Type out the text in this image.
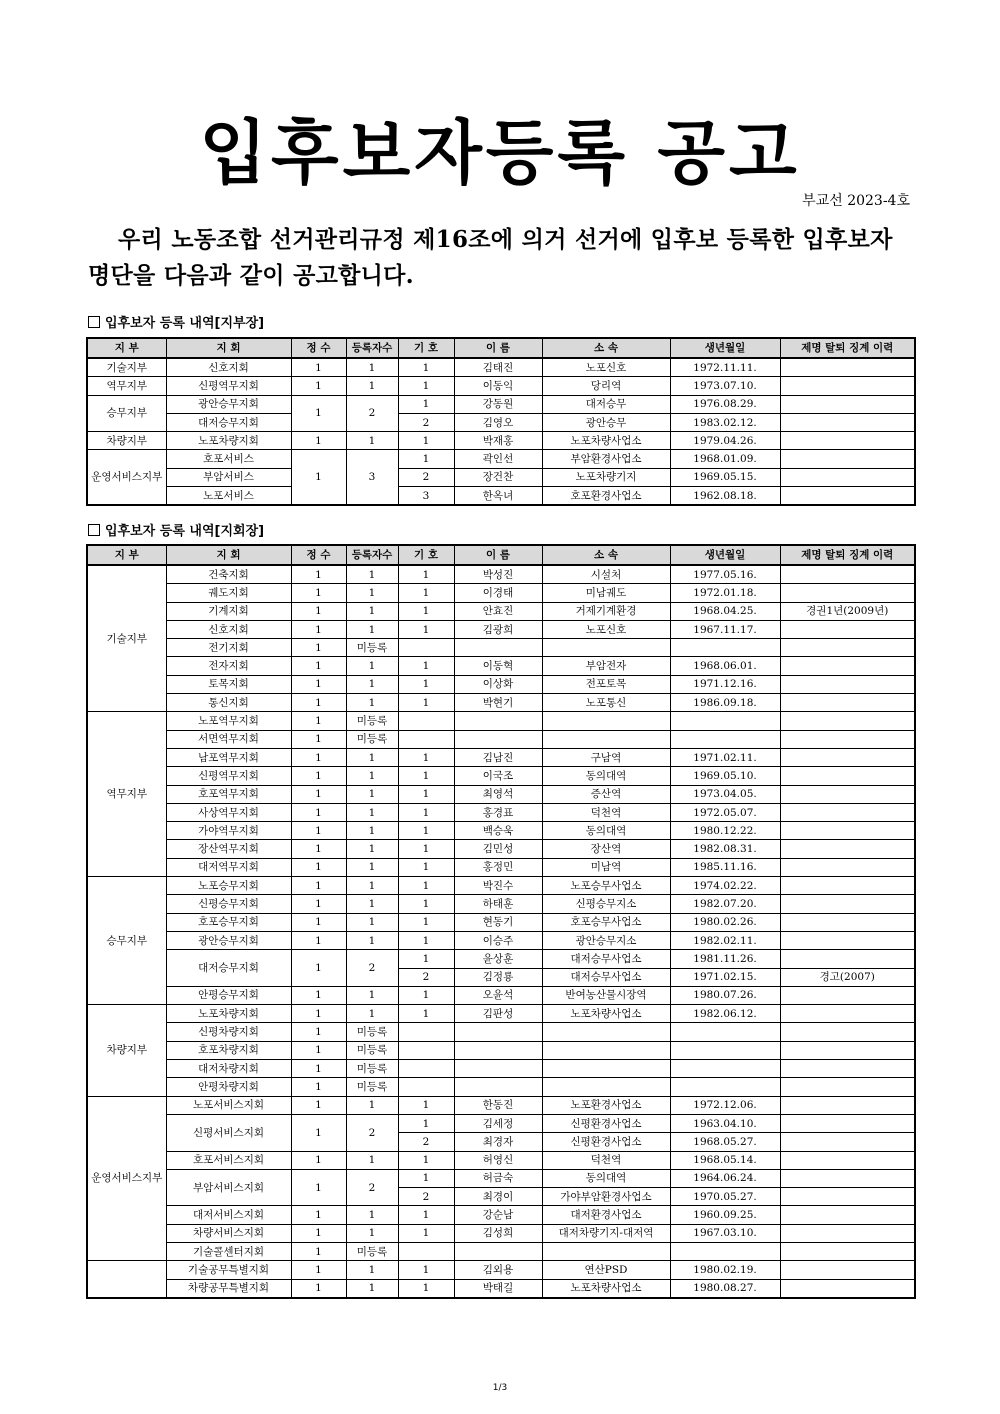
입후보자등록 공고
부교선 2023-4호
우리 노동조합 선거관리규정 제16조에 의거 선거에 입후보 등록한 입후보자 명단을 다음과 같이 공고합니다.
입후보자 등록 내역[지부장]
지 부	지 회	정 수	등록자수	기 호	이 름	소 속	생년월일	제명 탈퇴 징계 이력
기술지부	신호지회	1	1	1	김태진	노포신호	1972.11.11.	
역무지부	신평역무지회	1	1	1	이동익	당리역	1973.07.10.	
승무지부	광안승무지회	1	2	1	강동원	대저승무	1976.08.29.	
	대저승무지회			2	김영오	광안승무	1983.02.12.	
차량지부	노포차량지회	1	1	1	박재홍	노포차량사업소	1979.04.26.	
운영서비스지부	호포서비스	1	3	1	곽인선	부암환경사업소	1968.01.09.	
	부암서비스			2	장건찬	노포차량기지	1969.05.15.	
	노포서비스			3	한옥녀	호포환경사업소	1962.08.18.	
입후보자 등록 내역[지회장]
지 부	지 회	정 수	등록자수	기 호	이 름	소 속	생년월일	제명 탈퇴 징계 이력
기술지부	건축지회	1	1	1	박성진	시설처	1977.05.16.	
	궤도지회	1	1	1	이경태	미남궤도	1972.01.18.	
	기계지회	1	1	1	안효진	거제기계환경	1968.04.25.	경권1년(2009년)
	신호지회	1	1	1	김광희	노포신호	1967.11.17.	
	전기지회	1	미등록					
	전자지회	1	1	1	이동혁	부암전자	1968.06.01.	
	토목지회	1	1	1	이상화	전포토목	1971.12.16.	
	통신지회	1	1	1	박현기	노포통신	1986.09.18.	
역무지부	노포역무지회	1	미등록					
	서면역무지회	1	미등록					
	남포역무지회	1	1	1	김남진	구남역	1971.02.11.	
	신평역무지회	1	1	1	이국조	동의대역	1969.05.10.	
	호포역무지회	1	1	1	최영석	증산역	1973.04.05.	
	사상역무지회	1	1	1	홍경표	덕천역	1972.05.07.	
	가야역무지회	1	1	1	백승욱	동의대역	1980.12.22.	
	장산역무지회	1	1	1	김민성	장산역	1982.08.31.	
	대저역무지회	1	1	1	홍정민	미남역	1985.11.16.	
승무지부	노포승무지회	1	1	1	박진수	노포승무사업소	1974.02.22.	
	신평승무지회	1	1	1	하태훈	신평승무지소	1982.07.20.	
	호포승무지회	1	1	1	현동기	호포승무사업소	1980.02.26.	
	광안승무지회	1	1	1	이승주	광안승무지소	1982.02.11.	
	대저승무지회	1	2	1	윤상훈	대저승무사업소	1981.11.26.	
				2	김정룡	대저승무사업소	1971.02.15.	경고(2007)
	안평승무지회	1	1	1	오윤석	반여농산물시장역	1980.07.26.	
차량지부	노포차량지회	1	1	1	김판성	노포차량사업소	1982.06.12.	
	신평차량지회	1	미등록					
	호포차량지회	1	미등록					
	대저차량지회	1	미등록					
	안평차량지회	1	미등록					
운영서비스지부	노포서비스지회	1	1	1	한동진	노포환경사업소	1972.12.06.	
	신평서비스지회	1	2	1	김세정	신평환경사업소	1963.04.10.	
				2	최경자	신평환경사업소	1968.05.27.	
	호포서비스지회	1	1	1	허영신	덕천역	1968.05.14.	
	부암서비스지회	1	2	1	허금숙	동의대역	1964.06.24.	
				2	최경이	가야부암환경사업소	1970.05.27.	
	대저서비스지회	1	1	1	강순남	대저환경사업소	1960.09.25.	
	차량서비스지회	1	1	1	김성희	대저차량기지-대저역	1967.03.10.	
	기술콜센터지회	1	미등록					
	기술공무특별지회	1	1	1	김외용	연산PSD	1980.02.19.	
	차량공무특별지회	1	1	1	박태길	노포차량사업소	1980.08.27.	
1/3
